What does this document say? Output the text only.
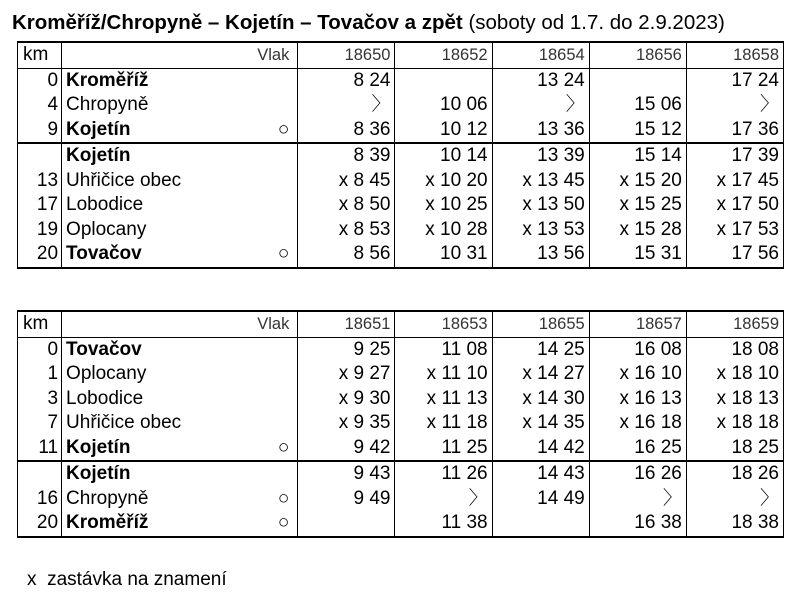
Kroměříž/Chropyně – Kojetín – Tovačov a zpět (soboty od 1.7. do 2.9.2023)
km		Vlak	18650	18652	18654	18656	18658
0	Kroměříž		8 24		13 24		17 24
4	Chropyně		〉	10 06	〉	15 06	〉
9	Kojetín	○	8 36	10 12	13 36	15 12	17 36
	Kojetín		8 39	10 14	13 39	15 14	17 39
13	Uhřičice obec		x 8 45	x 10 20	x 13 45	x 15 20	x 17 45
17	Lobodice		x 8 50	x 10 25	x 13 50	x 15 25	x 17 50
19	Oplocany		x 8 53	x 10 28	x 13 53	x 15 28	x 17 53
20	Tovačov	○	8 56	10 31	13 56	15 31	17 56
km		Vlak	18651	18653	18655	18657	18659
0	Tovačov		9 25	11 08	14 25	16 08	18 08
1	Oplocany		x 9 27	x 11 10	x 14 27	x 16 10	x 18 10
3	Lobodice		x 9 30	x 11 13	x 14 30	x 16 13	x 18 13
7	Uhřičice obec		x 9 35	x 11 18	x 14 35	x 16 18	x 18 18
11	Kojetín	○	9 42	11 25	14 42	16 25	18 25
	Kojetín		9 43	11 26	14 43	16 26	18 26
16	Chropyně	○	9 49	〉	14 49	〉	〉
20	Kroměříž	○		11 38		16 38	18 38
x zastávka na znamení
